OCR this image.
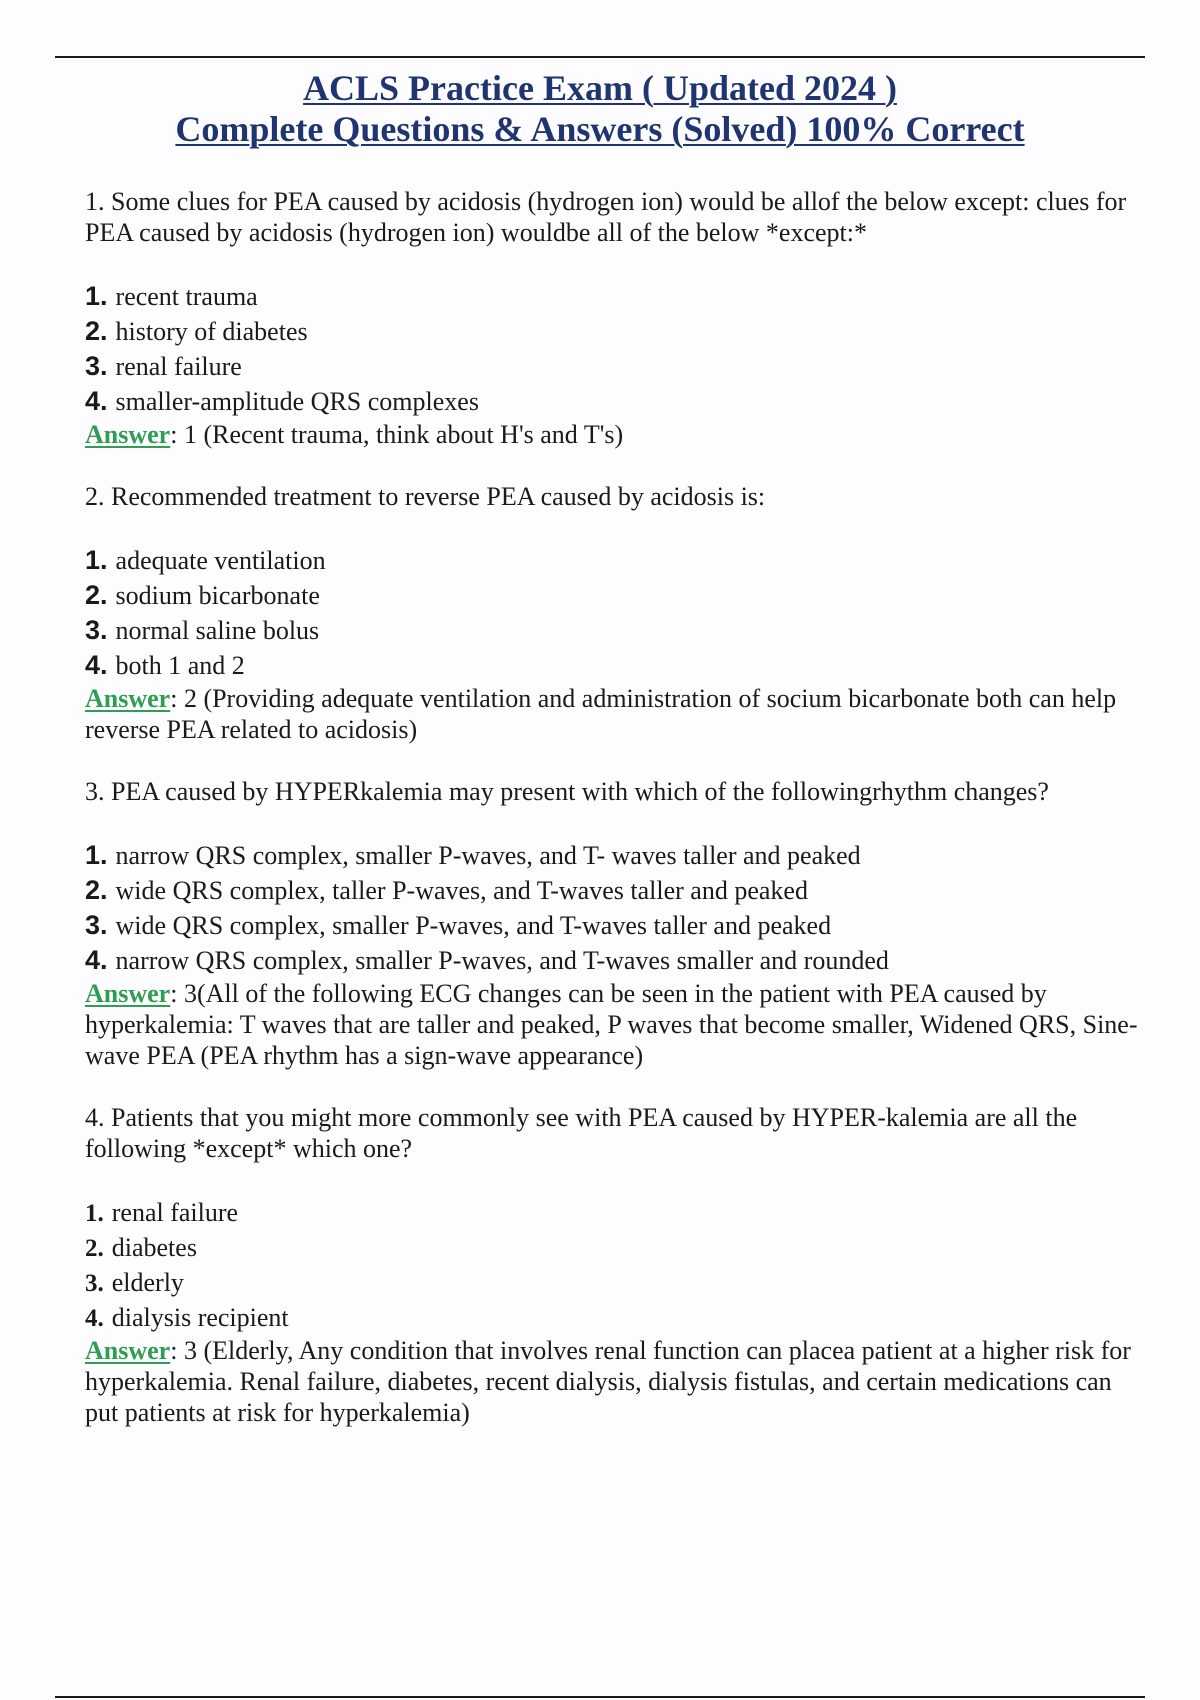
ACLS Practice Exam ( Updated 2024 )
Complete Questions & Answers (Solved) 100% Correct

1. Some clues for PEA caused by acidosis (hydrogen ion) would be allof the below except: clues for PEA caused by acidosis (hydrogen ion) wouldbe all of the below *except:*

1. recent trauma
2. history of diabetes
3. renal failure
4. smaller-amplitude QRS complexes

Answer: 1 (Recent trauma, think about H's and T's)

2. Recommended treatment to reverse PEA caused by acidosis is:

1. adequate ventilation
2. sodium bicarbonate
3. normal saline bolus
4. both 1 and 2

Answer: 2 (Providing adequate ventilation and administration of socium bicarbonate both can help reverse PEA related to acidosis)

3. PEA caused by HYPERkalemia may present with which of the followingrhythm changes?

1. narrow QRS complex, smaller P-waves, and T- waves taller and peaked
2. wide QRS complex, taller P-waves, and T-waves taller and peaked
3. wide QRS complex, smaller P-waves, and T-waves taller and peaked
4. narrow QRS complex, smaller P-waves, and T-waves smaller and rounded

Answer: 3(All of the following ECG changes can be seen in the patient with PEA caused by hyperkalemia: T waves that are taller and peaked, P waves that become smaller, Widened QRS, Sine-wave PEA (PEA rhythm has a sign-wave appearance)

4. Patients that you might more commonly see with PEA caused by HYPER-kalemia are all the following *except* which one?

1. renal failure
2. diabetes
3. elderly
4. dialysis recipient

Answer: 3 (Elderly, Any condition that involves renal function can placea patient at a higher risk for hyperkalemia. Renal failure, diabetes, recent dialysis, dialysis fistulas, and certain medications can put patients at risk for hyperkalemia)
